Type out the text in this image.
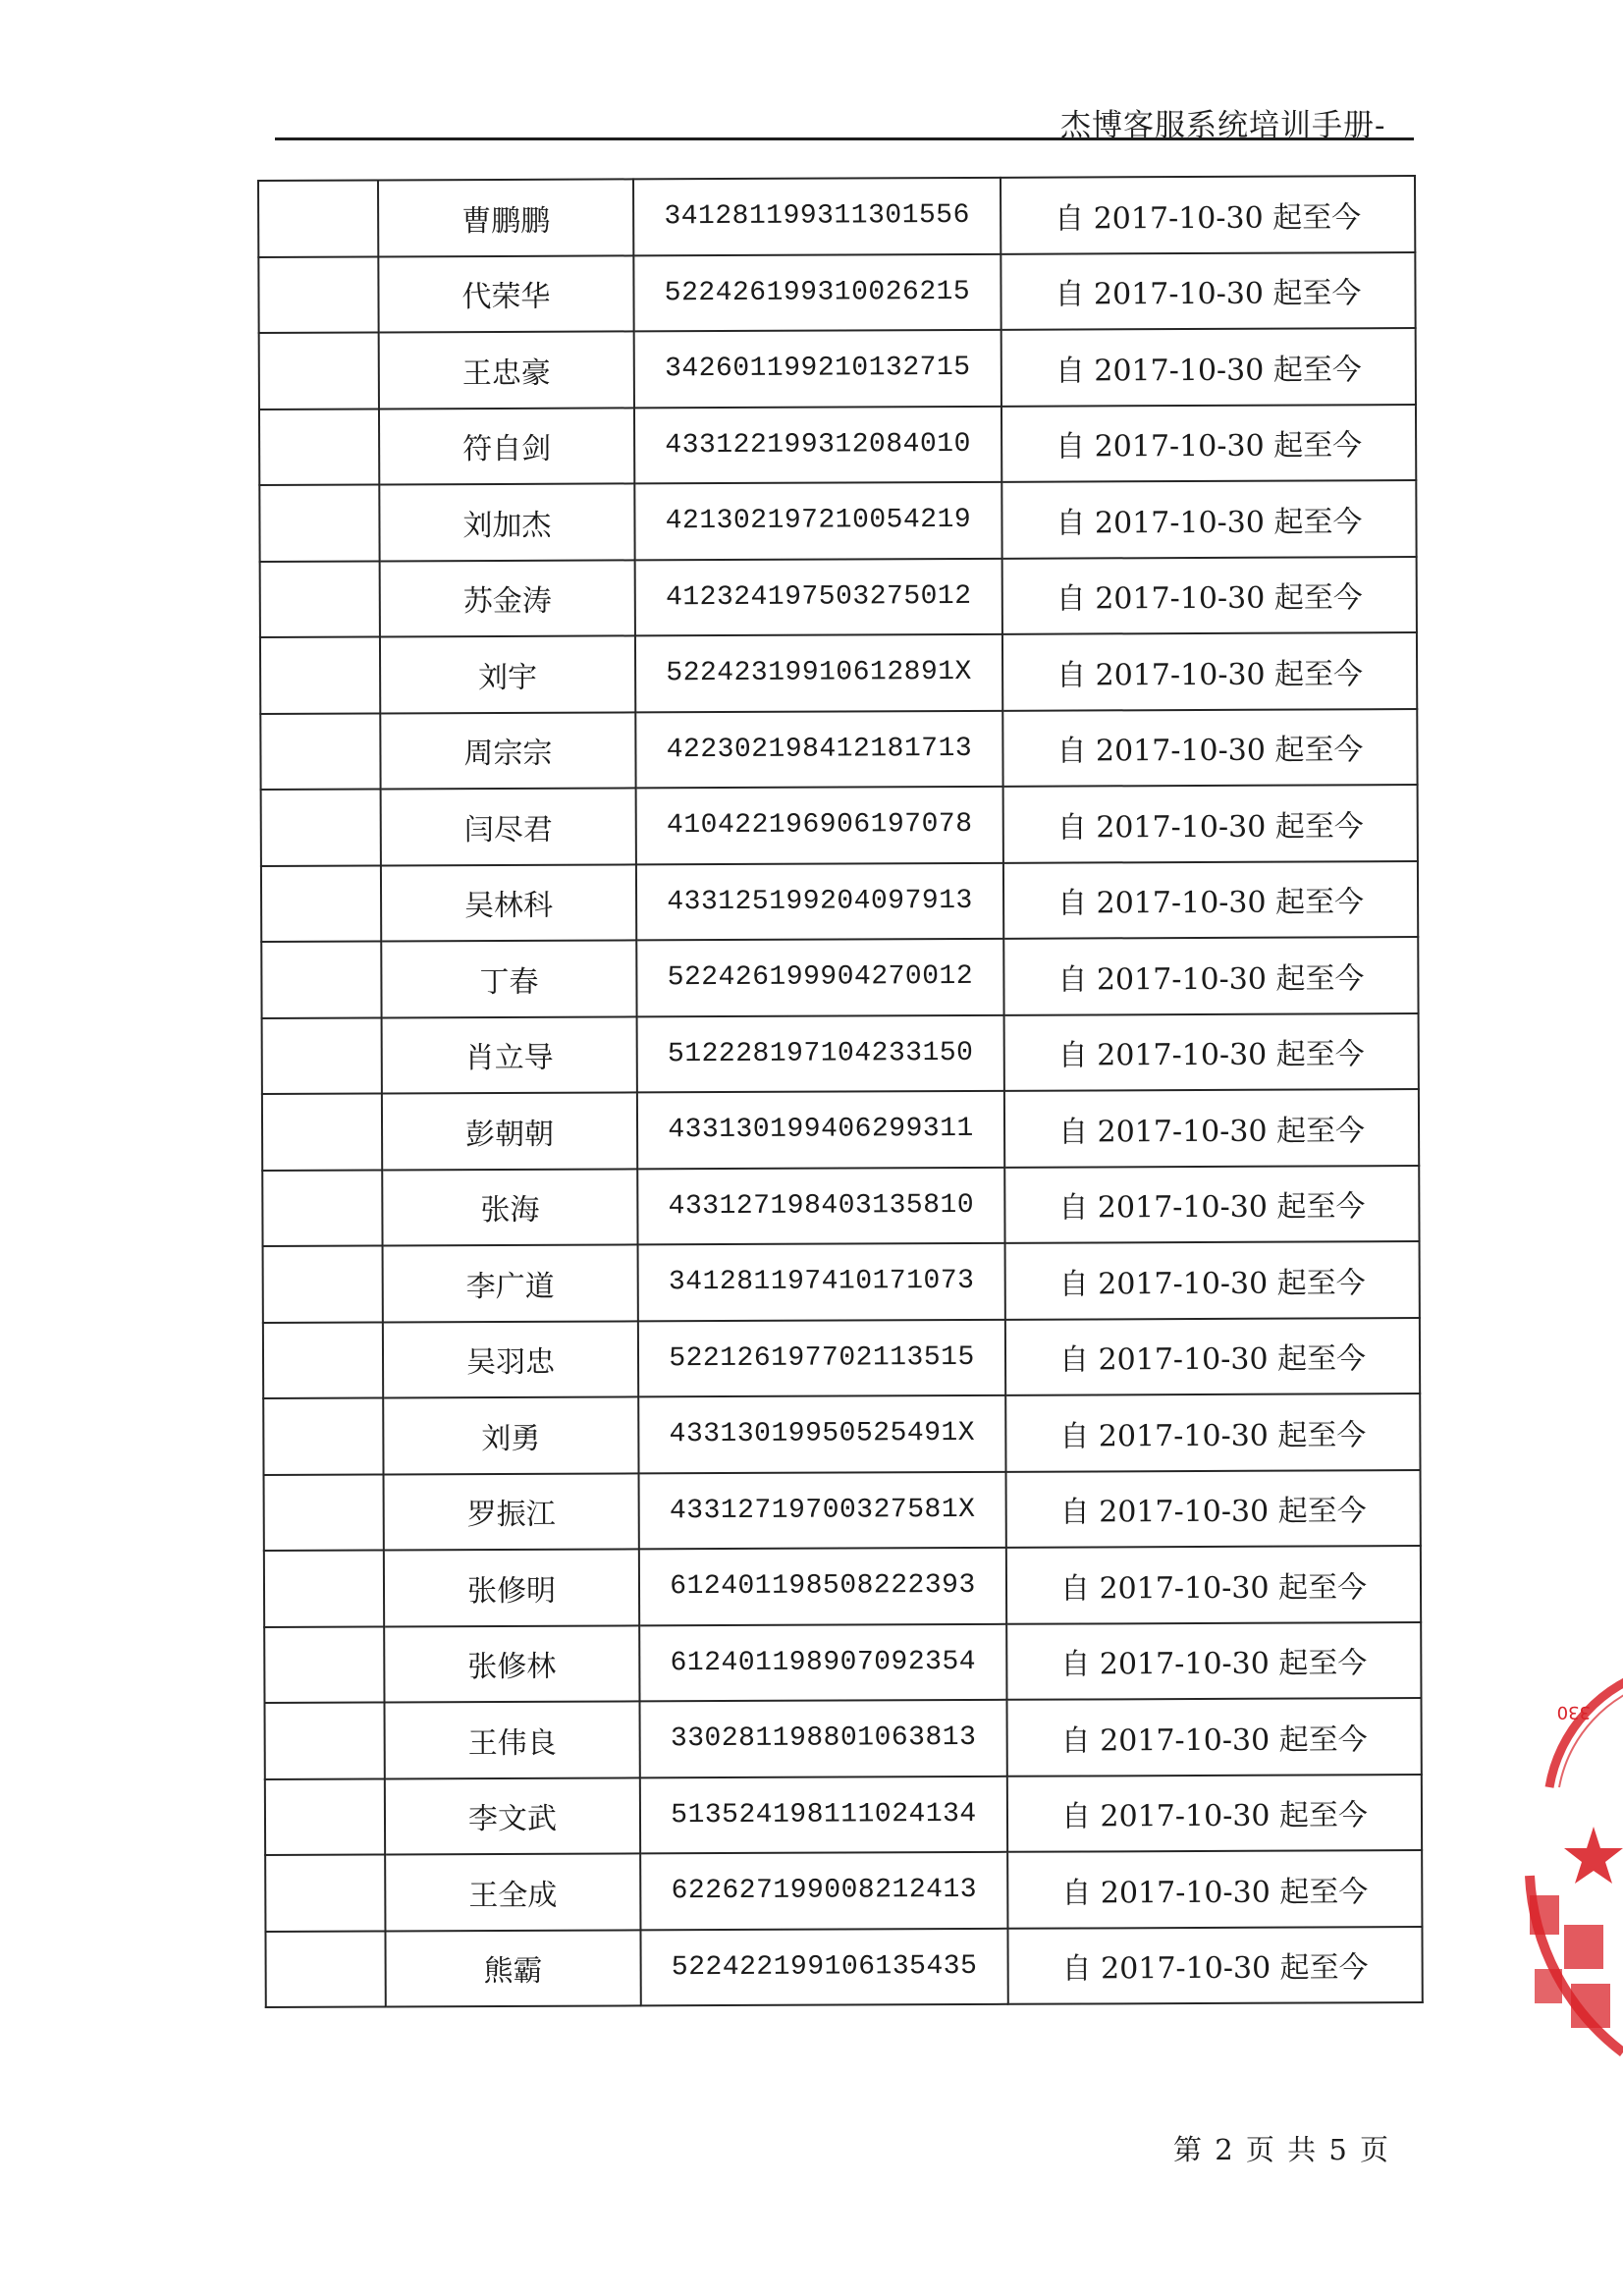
杰博客服系统培训手册-
	曹鹏鹏	341281199311301556	自 2017-10-30 起至今
	代荣华	522426199310026215	自 2017-10-30 起至今
	王忠豪	342601199210132715	自 2017-10-30 起至今
	符自剑	433122199312084010	自 2017-10-30 起至今
	刘加杰	421302197210054219	自 2017-10-30 起至今
	苏金涛	412324197503275012	自 2017-10-30 起至今
	刘宇	52242319910612891X	自 2017-10-30 起至今
	周宗宗	422302198412181713	自 2017-10-30 起至今
	闫尽君	410422196906197078	自 2017-10-30 起至今
	吴林科	433125199204097913	自 2017-10-30 起至今
	丁春	522426199904270012	自 2017-10-30 起至今
	肖立导	512228197104233150	自 2017-10-30 起至今
	彭朝朝	433130199406299311	自 2017-10-30 起至今
	张海	433127198403135810	自 2017-10-30 起至今
	李广道	341281197410171073	自 2017-10-30 起至今
	吴羽忠	522126197702113515	自 2017-10-30 起至今
	刘勇	43313019950525491X	自 2017-10-30 起至今
	罗振江	43312719700327581X	自 2017-10-30 起至今
	张修明	612401198508222393	自 2017-10-30 起至今
	张修林	612401198907092354	自 2017-10-30 起至今
	王伟良	330281198801063813	自 2017-10-30 起至今
	李文武	513524198111024134	自 2017-10-30 起至今
	王全成	622627199008212413	自 2017-10-30 起至今
	熊霸	522422199106135435	自 2017-10-30 起至今
第 2 页 共 5 页
330
